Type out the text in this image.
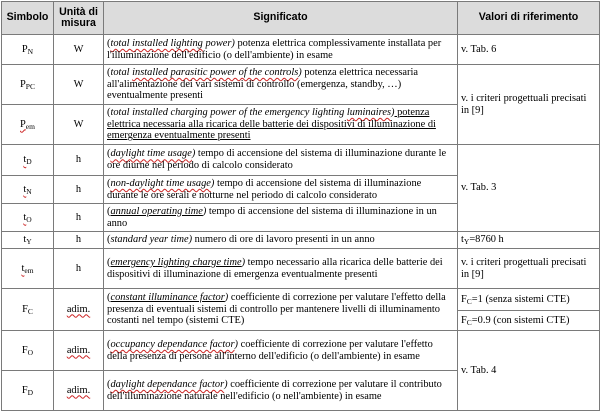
Simbolo	Unità di misura	Significato	Valori di riferimento
$P_N$	W	(total installed lighting power) potenza elettrica complessivamente installata per l'illuminazione dell'edificio (o dell'ambiente) in esame	v. Tab. 6
$P_{PC}$	W	(total installed parasitic power of the controls) potenza elettrica necessaria all'alimentazione dei vari sistemi di controllo (emergenza, standby, …) eventualmente presenti	v. i criteri progettuali precisati in [9]
$P_{em}$	W	(total installed charging power of the emergency lighting luminaires) potenza elettrica necessaria alla ricarica delle batterie dei dispositivi di illuminazione di emergenza eventualmente presenti	
$t_D$	h	(daylight time usage) tempo di accensione del sistema di illuminazione durante le ore diurne nel periodo di calcolo considerato	v. Tab. 3
$t_N$	h	(non-daylight time usage) tempo di accensione del sistema di illuminazione durante le ore serali e notturne nel periodo di calcolo considerato	
$t_O$	h	(annual operating time) tempo di accensione del sistema di illuminazione in un anno	
$t_Y$	h	(standard year time) numero di ore di lavoro presenti in un anno	$t_Y=8760$ h
$t_{em}$	h	(emergency lighting charge time) tempo necessario alla ricarica delle batterie dei dispositivi di illuminazione di emergenza eventualmente presenti	v. i criteri progettuali precisati in [9]
$F_C$	adim.	(constant illuminance factor) coefficiente di correzione per valutare l'effetto della presenza di eventuali sistemi di controllo per mantenere livelli di illuminamento costanti nel tempo (sistemi CTE)	$F_C=1$ (senza sistemi CTE)
			$F_C=0.9$ (con sistemi CTE)
$F_O$	adim.	(occupancy dependance factor) coefficiente di correzione per valutare l'effetto della presenza di persone all'interno dell'edificio (o dell'ambiente) in esame	v. Tab. 4
$F_D$	adim.	(daylight dependance factor) coefficiente di correzione per valutare il contributo dell'illuminazione naturale nell'edificio (o nell'ambiente) in esame	
